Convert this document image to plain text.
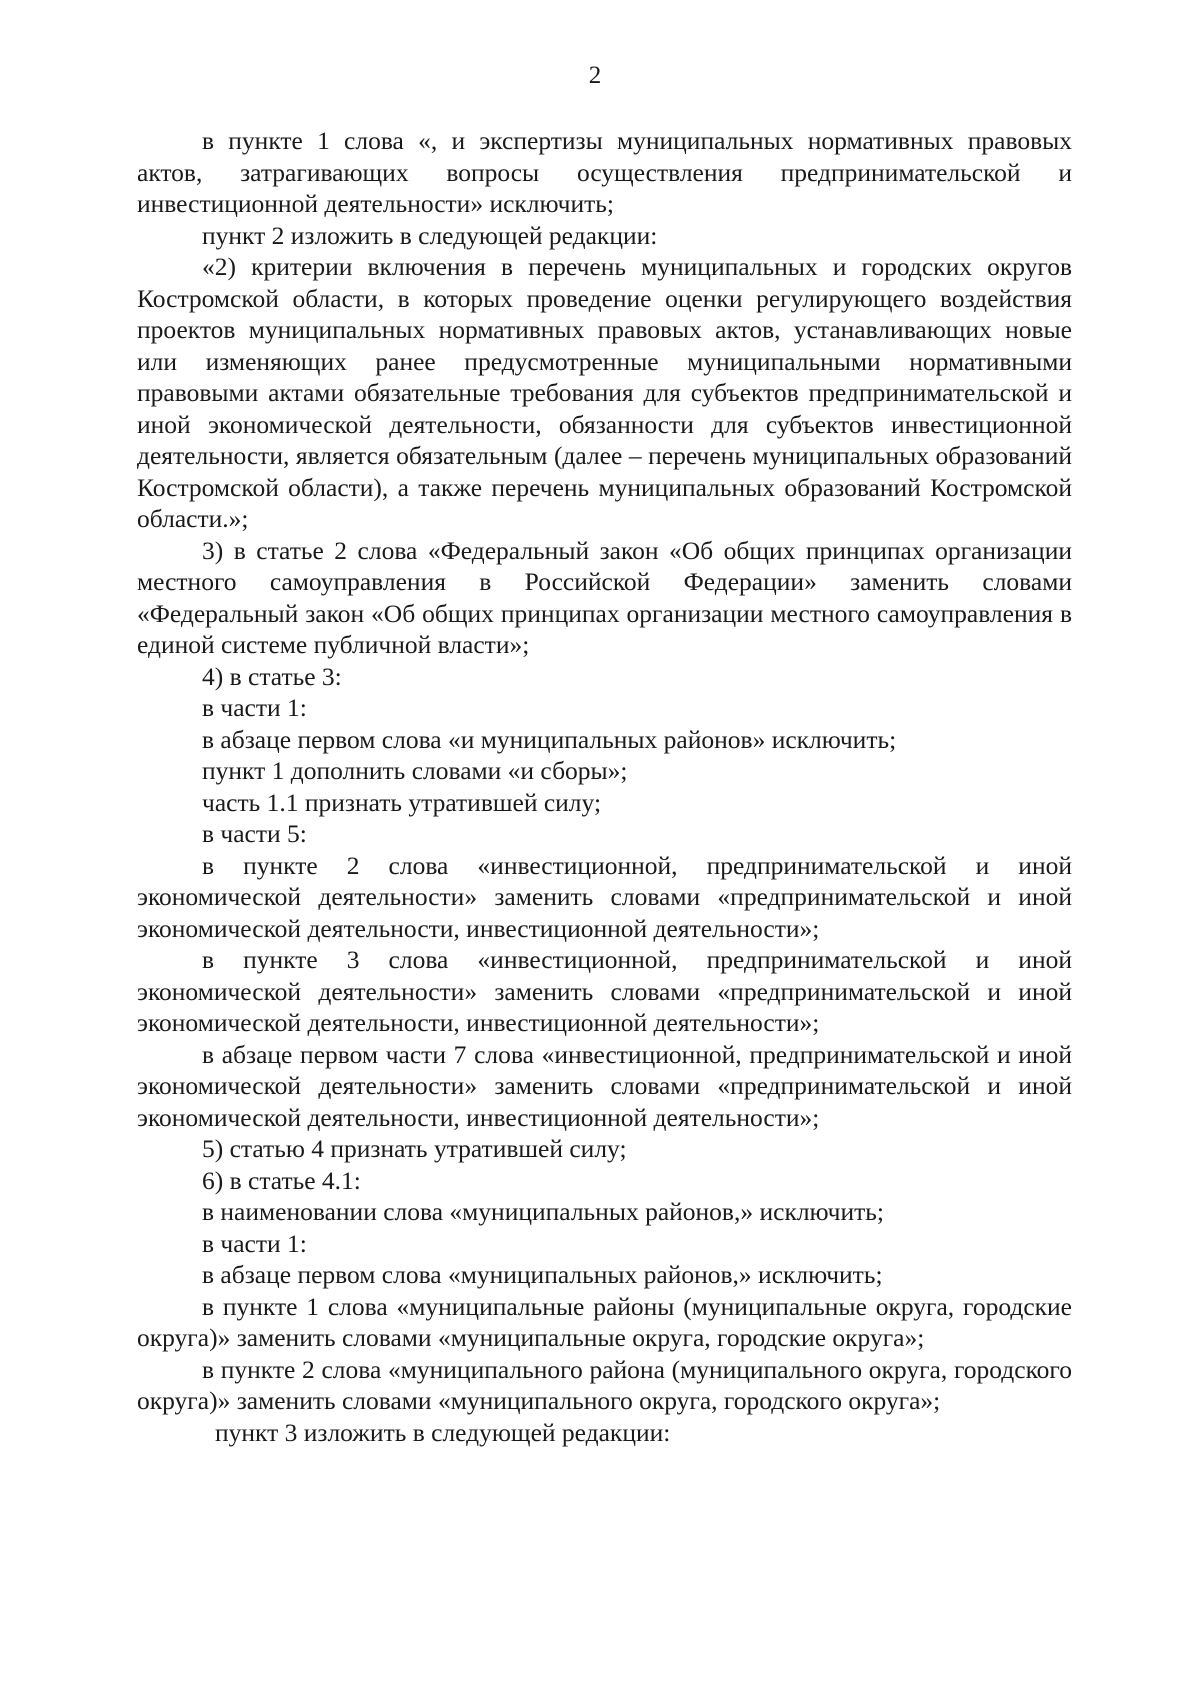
2

в пункте 1 слова «, и экспертизы муниципальных нормативных правовых актов, затрагивающих вопросы осуществления предпринимательской и инвестиционной деятельности» исключить;

пункт 2 изложить в следующей редакции:

«2) критерии включения в перечень муниципальных и городских округов Костромской области, в которых проведение оценки регулирующего воздействия проектов муниципальных нормативных правовых актов, устанавливающих новые или изменяющих ранее предусмотренные муниципальными нормативными правовыми актами обязательные требования для субъектов предпринимательской и иной экономической деятельности, обязанности для субъектов инвестиционной деятельности, является обязательным (далее – перечень муниципальных образований Костромской области), а также перечень муниципальных образований Костромской области.»;

3) в статье 2 слова «Федеральный закон «Об общих принципах организации местного самоуправления в Российской Федерации» заменить словами «Федеральный закон «Об общих принципах организации местного самоуправления в единой системе публичной власти»;

4) в статье 3:

в части 1:

в абзаце первом слова «и муниципальных районов» исключить;

пункт 1 дополнить словами «и сборы»;

часть 1.1 признать утратившей силу;

в части 5:

в пункте 2 слова «инвестиционной, предпринимательской и иной экономической деятельности» заменить словами «предпринимательской и иной экономической деятельности, инвестиционной деятельности»;

в пункте 3 слова «инвестиционной, предпринимательской и иной экономической деятельности» заменить словами «предпринимательской и иной экономической деятельности, инвестиционной деятельности»;

в абзаце первом части 7 слова «инвестиционной, предпринимательской и иной экономической деятельности» заменить словами «предпринимательской и иной экономической деятельности, инвестиционной деятельности»;

5) статью 4 признать утратившей силу;

6) в статье 4.1:

в наименовании слова «муниципальных районов,» исключить;

в части 1:

в абзаце первом слова «муниципальных районов,» исключить;

в пункте 1 слова «муниципальные районы (муниципальные округа, городские округа)» заменить словами «муниципальные округа, городские округа»;

в пункте 2 слова «муниципального района (муниципального округа, городского округа)» заменить словами «муниципального округа, городского округа»;

пункт 3 изложить в следующей редакции:
